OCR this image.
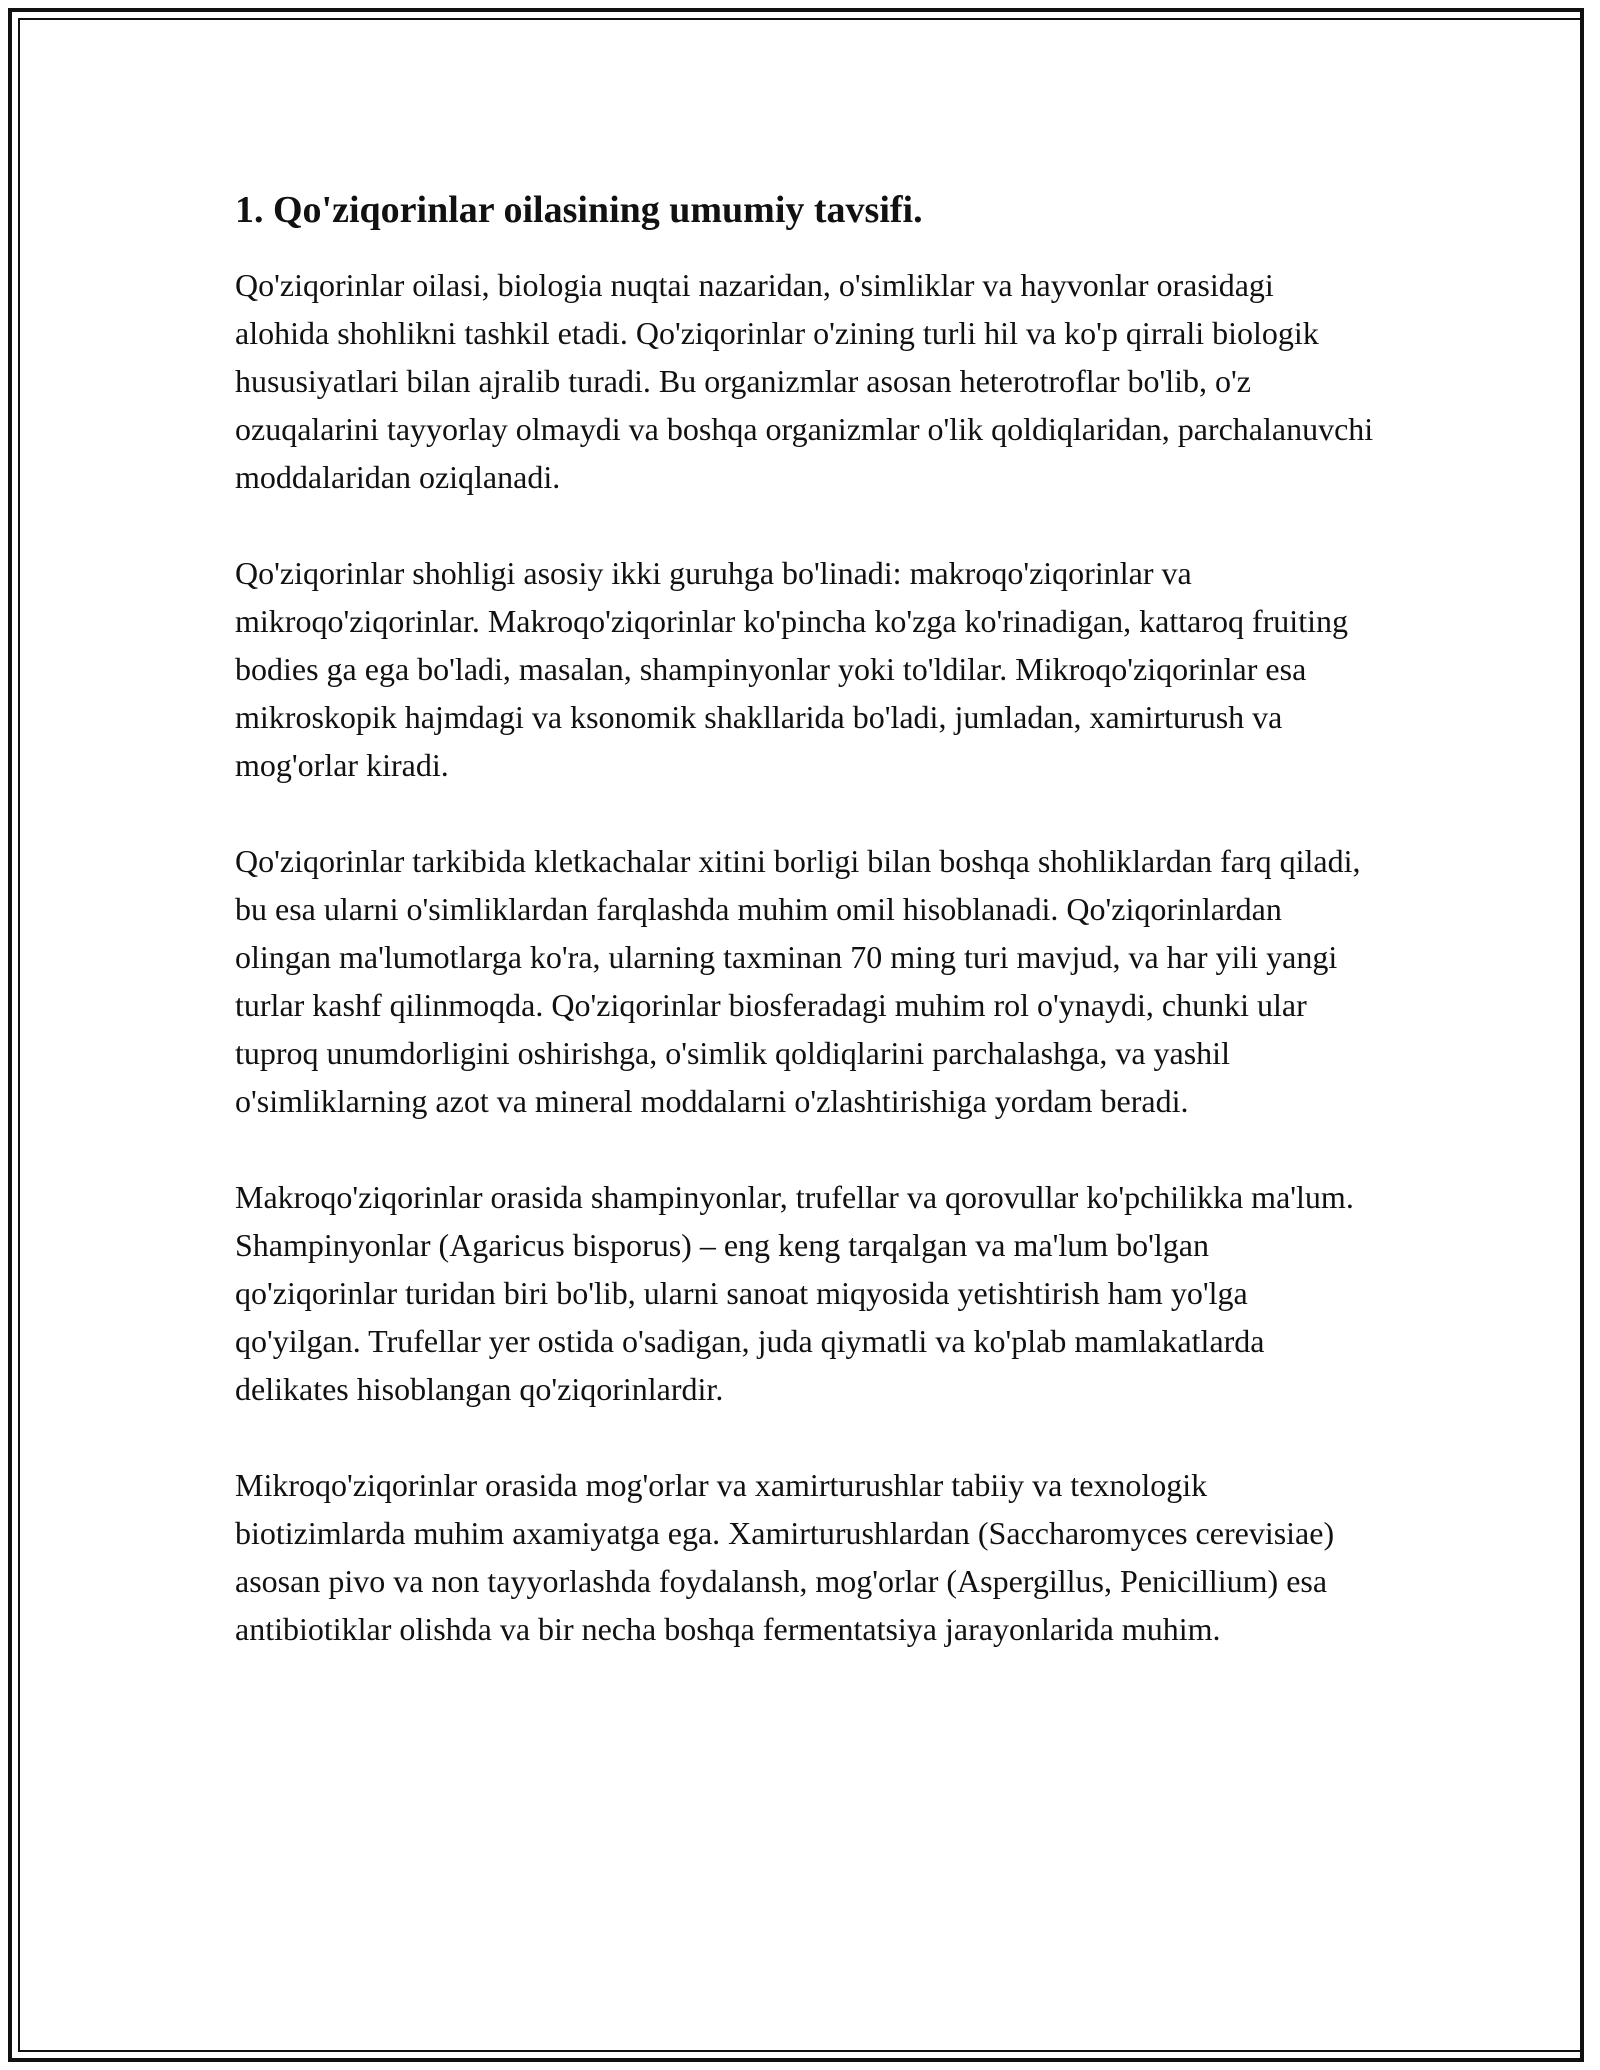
1. Qo'ziqorinlar oilasining umumiy tavsifi.

Qo'ziqorinlar oilasi, biologia nuqtai nazaridan, o'simliklar va hayvonlar orasidagi alohida shohlikni tashkil etadi. Qo'ziqorinlar o'zining turli hil va ko'p qirrali biologik hususiyatlari bilan ajralib turadi. Bu organizmlar asosan heterotroflar bo'lib, o'z ozuqalarini tayyorlay olmaydi va boshqa organizmlar o'lik qoldiqlaridan, parchalanuvchi moddalaridan oziqlanadi.

Qo'ziqorinlar shohligi asosiy ikki guruhga bo'linadi: makroqo'ziqorinlar va mikroqo'ziqorinlar. Makroqo'ziqorinlar ko'pincha ko'zga ko'rinadigan, kattaroq fruiting bodies ga ega bo'ladi, masalan, shampinyonlar yoki to'ldilar. Mikroqo'ziqorinlar esa mikroskopik hajmdagi va ksonomik shakllarida bo'ladi, jumladan, xamirturush va mog'orlar kiradi.

Qo'ziqorinlar tarkibida kletkachalar xitini borligi bilan boshqa shohliklardan farq qiladi, bu esa ularni o'simliklardan farqlashda muhim omil hisoblanadi. Qo'ziqorinlardan olingan ma'lumotlarga ko'ra, ularning taxminan 70 ming turi mavjud, va har yili yangi turlar kashf qilinmoqda. Qo'ziqorinlar biosferadagi muhim rol o'ynaydi, chunki ular tuproq unumdorligini oshirishga, o'simlik qoldiqlarini parchalashga, va yashil o'simliklarning azot va mineral moddalarni o'zlashtirishiga yordam beradi.

Makroqo'ziqorinlar orasida shampinyonlar, trufellar va qorovullar ko'pchilikka ma'lum. Shampinyonlar (Agaricus bisporus) – eng keng tarqalgan va ma'lum bo'lgan qo'ziqorinlar turidan biri bo'lib, ularni sanoat miqyosida yetishtirish ham yo'lga qo'yilgan. Trufellar yer ostida o'sadigan, juda qiymatli va ko'plab mamlakatlarda delikates hisoblangan qo'ziqorinlardir.

Mikroqo'ziqorinlar orasida mog'orlar va xamirturushlar tabiiy va texnologik biotizimlarda muhim axamiyatga ega. Xamirturushlardan (Saccharomyces cerevisiae) asosan pivo va non tayyorlashda foydalansh, mog'orlar (Aspergillus, Penicillium) esa antibiotiklar olishda va bir necha boshqa fermentatsiya jarayonlarida muhim.
